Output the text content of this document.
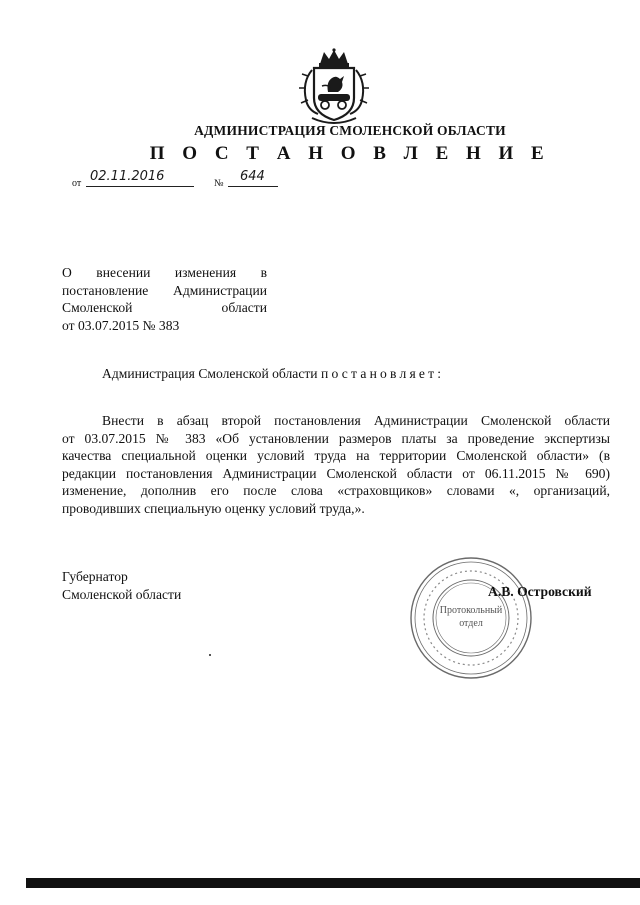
АДМИНИСТРАЦИЯ СМОЛЕНСКОЙ ОБЛАСТИ
П О С Т А Н О В Л Е Н И Е
от 02.11.2016	№ 644
О внесении изменения в
постановление Администрации
Смоленской области
от 03.07.2015 № 383
Администрация Смоленской области постановляет:
Внести в абзац второй постановления Администрации Смоленской области
от 03.07.2015 № 383 «Об установлении размеров платы за проведение экспертизы
качества специальной оценки условий труда на территории Смоленской области» (в
редакции постановления Администрации Смоленской области от 06.11.2015 № 690)
изменение, дополнив его после слова «страховщиков» словами «, организаций,
проводивших специальную оценку условий труда,».
Протокольный
отдел
Губернатор
Смоленской области	А.В. Островский
